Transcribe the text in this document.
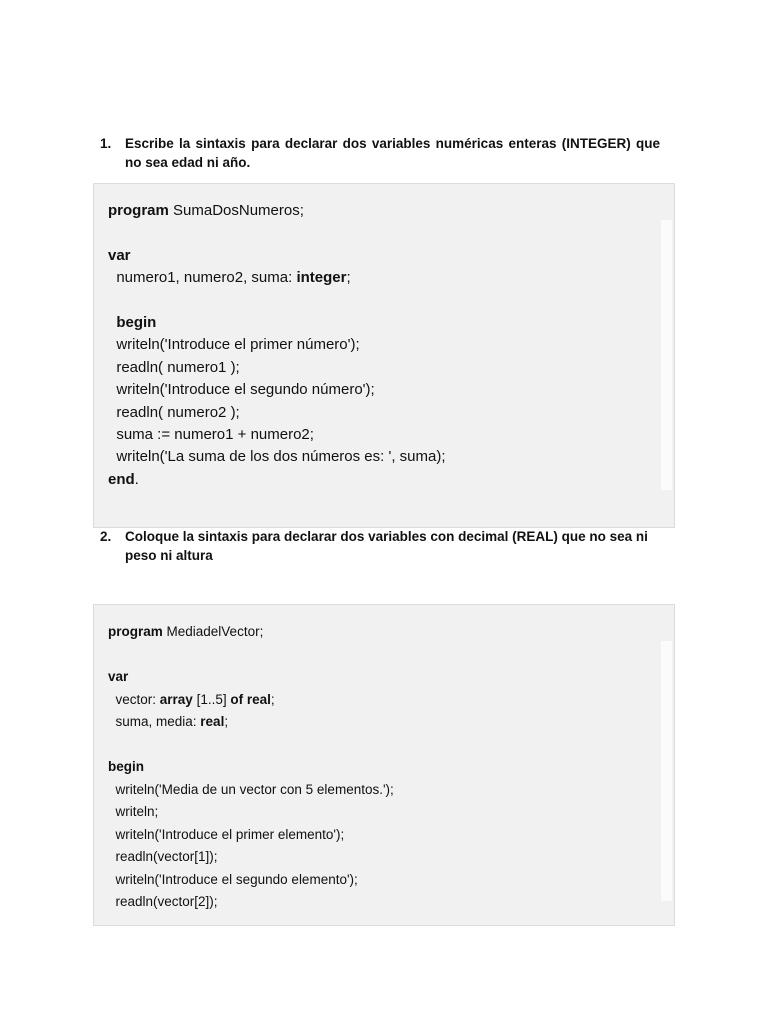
1.	Escribe la sintaxis para declarar dos variables numéricas enteras (INTEGER) que no sea edad ni año.
program SumaDosNumeros;

var
numero1, numero2, suma: integer;

begin
writeln('Introduce el primer número');
readln( numero1 );
writeln('Introduce el segundo número');
readln( numero2 );
suma := numero1 + numero2;
writeln('La suma de los dos números es: ', suma);
end.
2.	Coloque la sintaxis para declarar dos variables con decimal (REAL) que no sea ni peso ni altura
program MediadelVector;

var
vector: array [1..5] of real;
suma, media: real;

begin
writeln('Media de un vector con 5 elementos.');
writeln;
writeln('Introduce el primer elemento');
readln(vector[1]);
writeln('Introduce el segundo elemento');
readln(vector[2]);
